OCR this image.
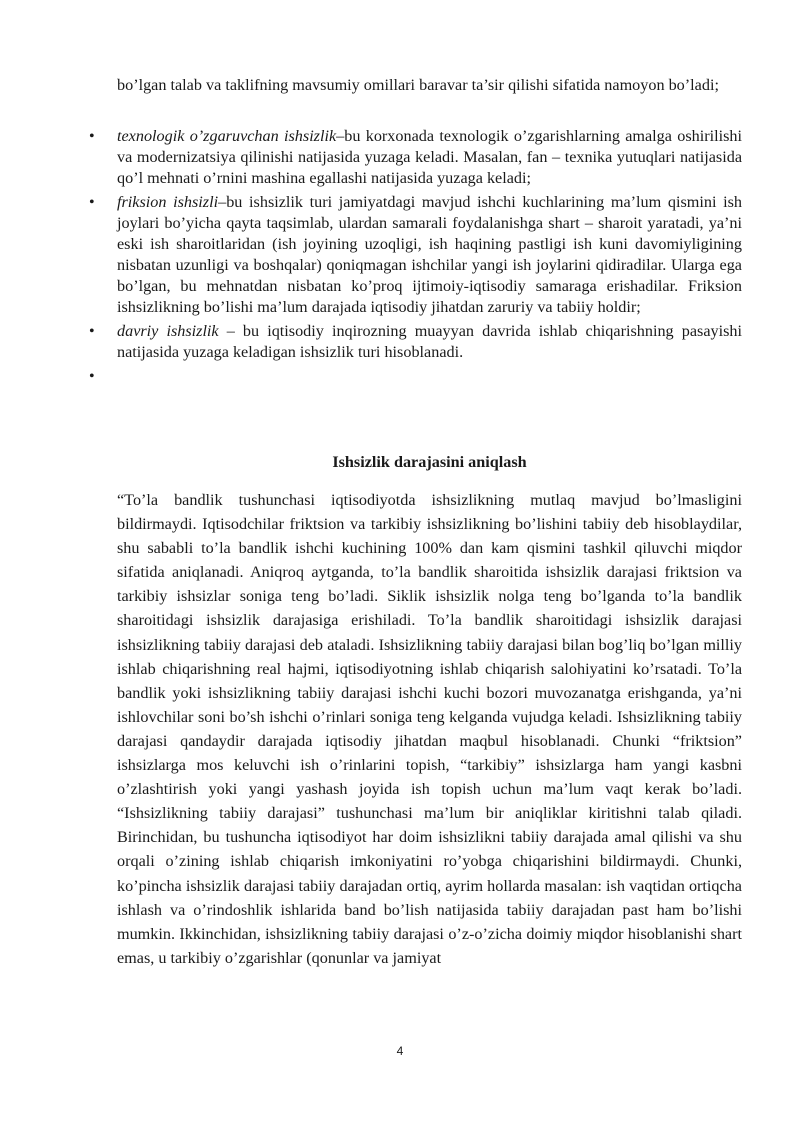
bo’lgan talab va taklifning mavsumiy omillari baravar ta’sir qilishi sifatida namoyon bo’ladi;

• texnologik o’zgaruvchan ishsizlik–bu korxonada texnologik o’zgarishlarning amalga oshirilishi va modernizatsiya qilinishi natijasida yuzaga keladi. Masalan, fan – texnika yutuqlari natijasida qo’l mehnati o’rnini mashina egallashi natijasida yuzaga keladi;
• friksion ishsizli–bu ishsizlik turi jamiyatdagi mavjud ishchi kuchlarining ma’lum qismini ish joylari bo’yicha qayta taqsimlab, ulardan samarali foydalanishga shart – sharoit yaratadi, ya’ni eski ish sharoitlaridan (ish joyining uzoqligi, ish haqining pastligi ish kuni davomiyligining nisbatan uzunligi va boshqalar) qoniqmagan ishchilar yangi ish joylarini qidiradilar. Ularga ega bo’lgan, bu mehnatdan nisbatan ko’proq ijtimoiy-iqtisodiy samaraga erishadilar. Friksion ishsizlikning bo’lishi ma’lum darajada iqtisodiy jihatdan zaruriy va tabiiy holdir;
• davriy ishsizlik – bu iqtisodiy inqirozning muayyan davrida ishlab chiqarishning pasayishi natijasida yuzaga keladigan ishsizlik turi hisoblanadi.
•
Ishsizlik darajasini aniqlash

“To’la bandlik tushunchasi iqtisodiyotda ishsizlikning mutlaq mavjud bo’lmasligini bildirmaydi. Iqtisodchilar friktsion va tarkibiy ishsizlikning bo’lishini tabiiy deb hisoblaydilar, shu sababli to’la bandlik ishchi kuchining 100% dan kam qismini tashkil qiluvchi miqdor sifatida aniqlanadi. Aniqroq aytganda, to’la bandlik sharoitida ishsizlik darajasi friktsion va tarkibiy ishsizlar soniga teng bo’ladi. Siklik ishsizlik nolga teng bo’lganda to’la bandlik sharoitidagi ishsizlik darajasiga erishiladi. To’la bandlik sharoitidagi ishsizlik darajasi ishsizlikning tabiiy darajasi deb ataladi. Ishsizlikning tabiiy darajasi bilan bog’liq bo’lgan milliy ishlab chiqarishning real hajmi, iqtisodiyotning ishlab chiqarish salohiyatini ko’rsatadi. To’la bandlik yoki ishsizlikning tabiiy darajasi ishchi kuchi bozori muvozanatga erishganda, ya’ni ishlovchilar soni bo’sh ishchi o’rinlari soniga teng kelganda vujudga keladi. Ishsizlikning tabiiy darajasi qandaydir darajada iqtisodiy jihatdan maqbul hisoblanadi. Chunki “friktsion” ishsizlarga mos keluvchi ish o’rinlarini topish, “tarkibiy” ishsizlarga ham yangi kasbni o’zlashtirish yoki yangi yashash joyida ish topish uchun ma’lum vaqt kerak bo’ladi. “Ishsizlikning tabiiy darajasi” tushunchasi ma’lum bir aniqliklar kiritishni talab qiladi. Birinchidan, bu tushuncha iqtisodiyot har doim ishsizlikni tabiiy darajada amal qilishi va shu orqali o’zining ishlab chiqarish imkoniyatini ro’yobga chiqarishini bildirmaydi. Chunki, ko’pincha ishsizlik darajasi tabiiy darajadan ortiq, ayrim hollarda masalan: ish vaqtidan ortiqcha ishlash va o’rindoshlik ishlarida band bo’lish natijasida tabiiy darajadan past ham bo’lishi mumkin. Ikkinchidan, ishsizlikning tabiiy darajasi o’z-o’zicha doimiy miqdor hisoblanishi shart emas, u tarkibiy o’zgarishlar (qonunlar va jamiyat

4
